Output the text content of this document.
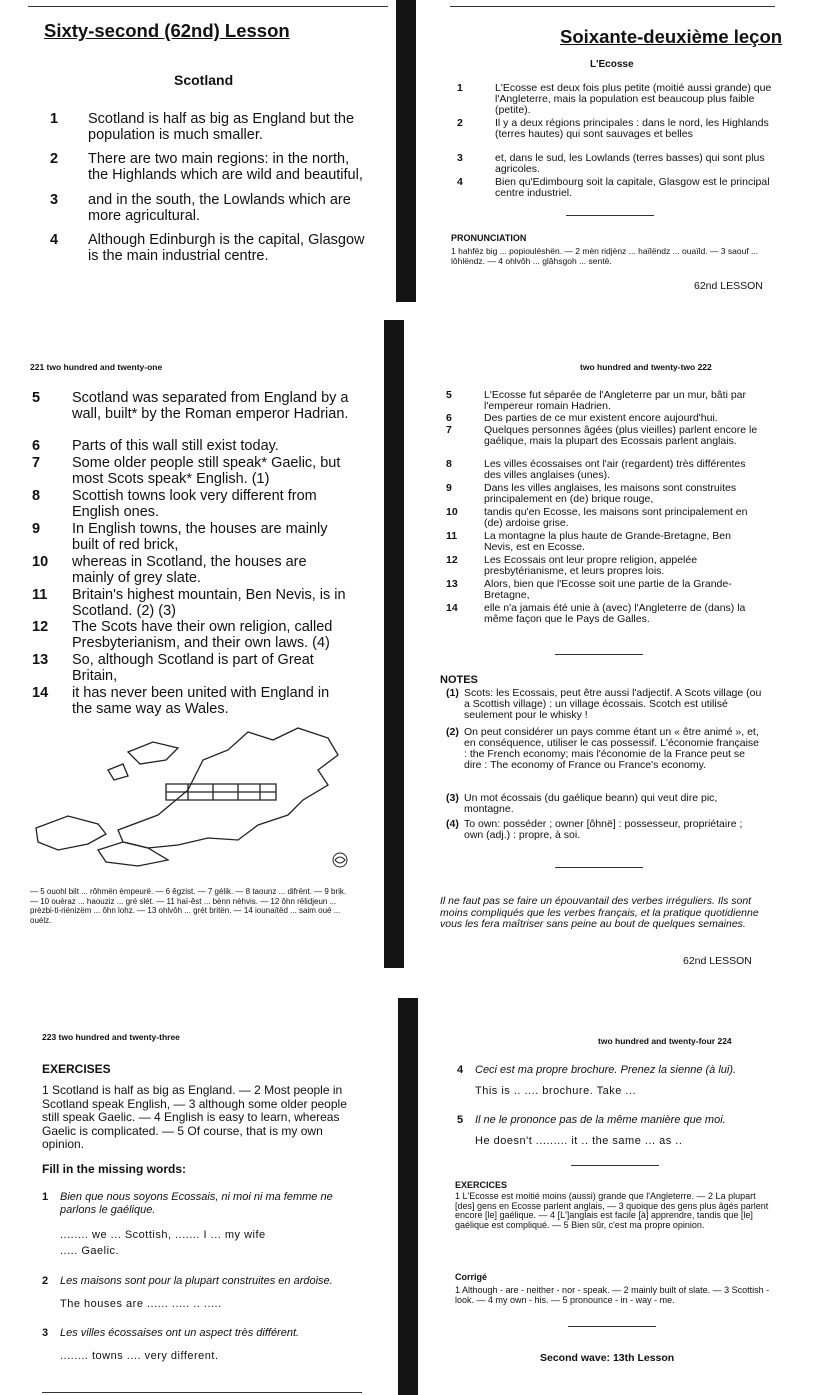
Sixty-second (62nd) Lesson	Soixante-deuxième leçon
Scotland
L'Ecosse
1 Scotland is half as big as England but the population is much smaller.
2 There are two main regions: in the north, the Highlands which are wild and beautiful,
3 and in the south, the Lowlands which are more agricultural.
4 Although Edinburgh is the capital, Glasgow is the main industrial centre.
1	L'Ecosse est deux fois plus petite (moitié aussi grande) que l'Angleterre, mais la population est beaucoup plus faible (petite).
2	Il y a deux régions principales : dans le nord, les Highlands (terres hautes) qui sont sauvages et belles
3	et, dans le sud, les Lowlands (terres basses) qui sont plus agricoles.
4	Bien qu'Edimbourg soit la capitale, Glasgow est le principal centre industriel.
PRONUNCIATION
1 hahfëz big ... popiouléshën. — 2 mèn ridjènz ... haïlëndz ... ouaïld. — 3 saouf ... lôhlëndz. — 4 ohlvôh ... glâhsgoh ... sentë.
62nd LESSON
221 two hundred and twenty-one	two hundred and twenty-two 222
5 Scotland was separated from England by a wall, built* by the Roman emperor Hadrian.
6 Parts of this wall still exist today.
7 Some older people still speak* Gaelic, but most Scots speak* English. (1)
8 Scottish towns look very different from English ones.
9 In English towns, the houses are mainly built of red brick,
10 whereas in Scotland, the houses are mainly of grey slate.
11 Britain's highest mountain, Ben Nevis, is in Scotland. (2) (3)
12 The Scots have their own religion, called Presbyterianism, and their own laws. (4)
13 So, although Scotland is part of Great Britain,
14 it has never been united with England in the same way as Wales.
— 5 ouohl bilt ... rôhmën èmpeurë. — 6 êgzist. — 7 gélik. — 8 taounz ... difrënt. — 9 brik. — 10 ouèraz ... haouziz ... gré slét. — 11 haï-êst ... bènn nèhvis. — 12 ôhn rëlidjeun ... prèzbi-ti-riënizëm ... ôhn lohz. — 13 ohlvôh ... grét britën. — 14 iounaïtëd ... saim oué ... ouélz.
5	L'Ecosse fut séparée de l'Angleterre par un mur, bâti par l'empereur romain Hadrien.
6	Des parties de ce mur existent encore aujourd'hui.
7	Quelques personnes âgées (plus vieilles) parlent encore le gaélique, mais la plupart des Ecossais parlent anglais.
8	Les villes écossaises ont l'air (regardent) très différentes des villes anglaises (unes).
9	Dans les villes anglaises, les maisons sont construites principalement en (de) brique rouge,
10	tandis qu'en Ecosse, les maisons sont principalement en (de) ardoise grise.
11	La montagne la plus haute de Grande-Bretagne, Ben Nevis, est en Ecosse.
12	Les Ecossais ont leur propre religion, appelée presbytérianisme, et leurs propres lois.
13	Alors, bien que l'Ecosse soit une partie de la Grande-Bretagne,
14	elle n'a jamais été unie à (avec) l'Angleterre de (dans) la même façon que le Pays de Galles.
NOTES
(1) Scots: les Ecossais, peut être aussi l'adjectif. A Scots village (ou a Scottish village) : un village écossais. Scotch est utilisé seulement pour le whisky !
(2) On peut considérer un pays comme étant un « être animé », et, en conséquence, utiliser le cas possessif. L'économie française : the French economy; mais l'économie de la France peut se dire : The economy of France ou France's economy.
(3) Un mot écossais (du gaélique beann) qui veut dire pic, montagne.
(4) To own: posséder ; owner [ôhnë] : possesseur, propriétaire ; own (adj.) : propre, à soi.
Il ne faut pas se faire un épouvantail des verbes irréguliers. Ils sont moins compliqués que les verbes français, et la pratique quotidienne vous les fera maîtriser sans peine au bout de quelques semaines.
62nd LESSON
223 two hundred and twenty-three	two hundred and twenty-four 224
EXERCISES
1 Scotland is half as big as England. — 2 Most people in Scotland speak English, — 3 although some older people still speak Gaelic. — 4 English is easy to learn, whereas Gaelic is complicated. — 5 Of course, that is my own opinion.
Fill in the missing words:
1 Bien que nous soyons Ecossais, ni moi ni ma femme ne parlons le gaélique.
........ we ... Scottish, ....... I ... my wife
..... Gaelic.
2 Les maisons sont pour la plupart construites en ardoise.
The houses are ...... ..... .. .....
3 Les villes écossaises ont un aspect très différent.
........ towns .... very different.
4 Ceci est ma propre brochure. Prenez la sienne (à lui).
This is .. .... brochure. Take ...
5 Il ne le prononce pas de la même manière que moi.
He doesn't ......... it .. the same ... as ..
EXERCICES
1 L'Ecosse est moitié moins (aussi) grande que l'Angleterre. — 2 La plupart [des] gens en Ecosse parlent anglais, — 3 quoique des gens plus âgés parlent encore [le] gaélique. — 4 [L']anglais est facile [à] apprendre, tandis que [le] gaélique est compliqué. — 5 Bien sûr, c'est ma propre opinion.
Corrigé
1 Although - are - neither - nor - speak. — 2 mainly built of slate. — 3 Scottish - look. — 4 my own - his. — 5 pronounce - in - way - me.
Second wave: 13th Lesson
